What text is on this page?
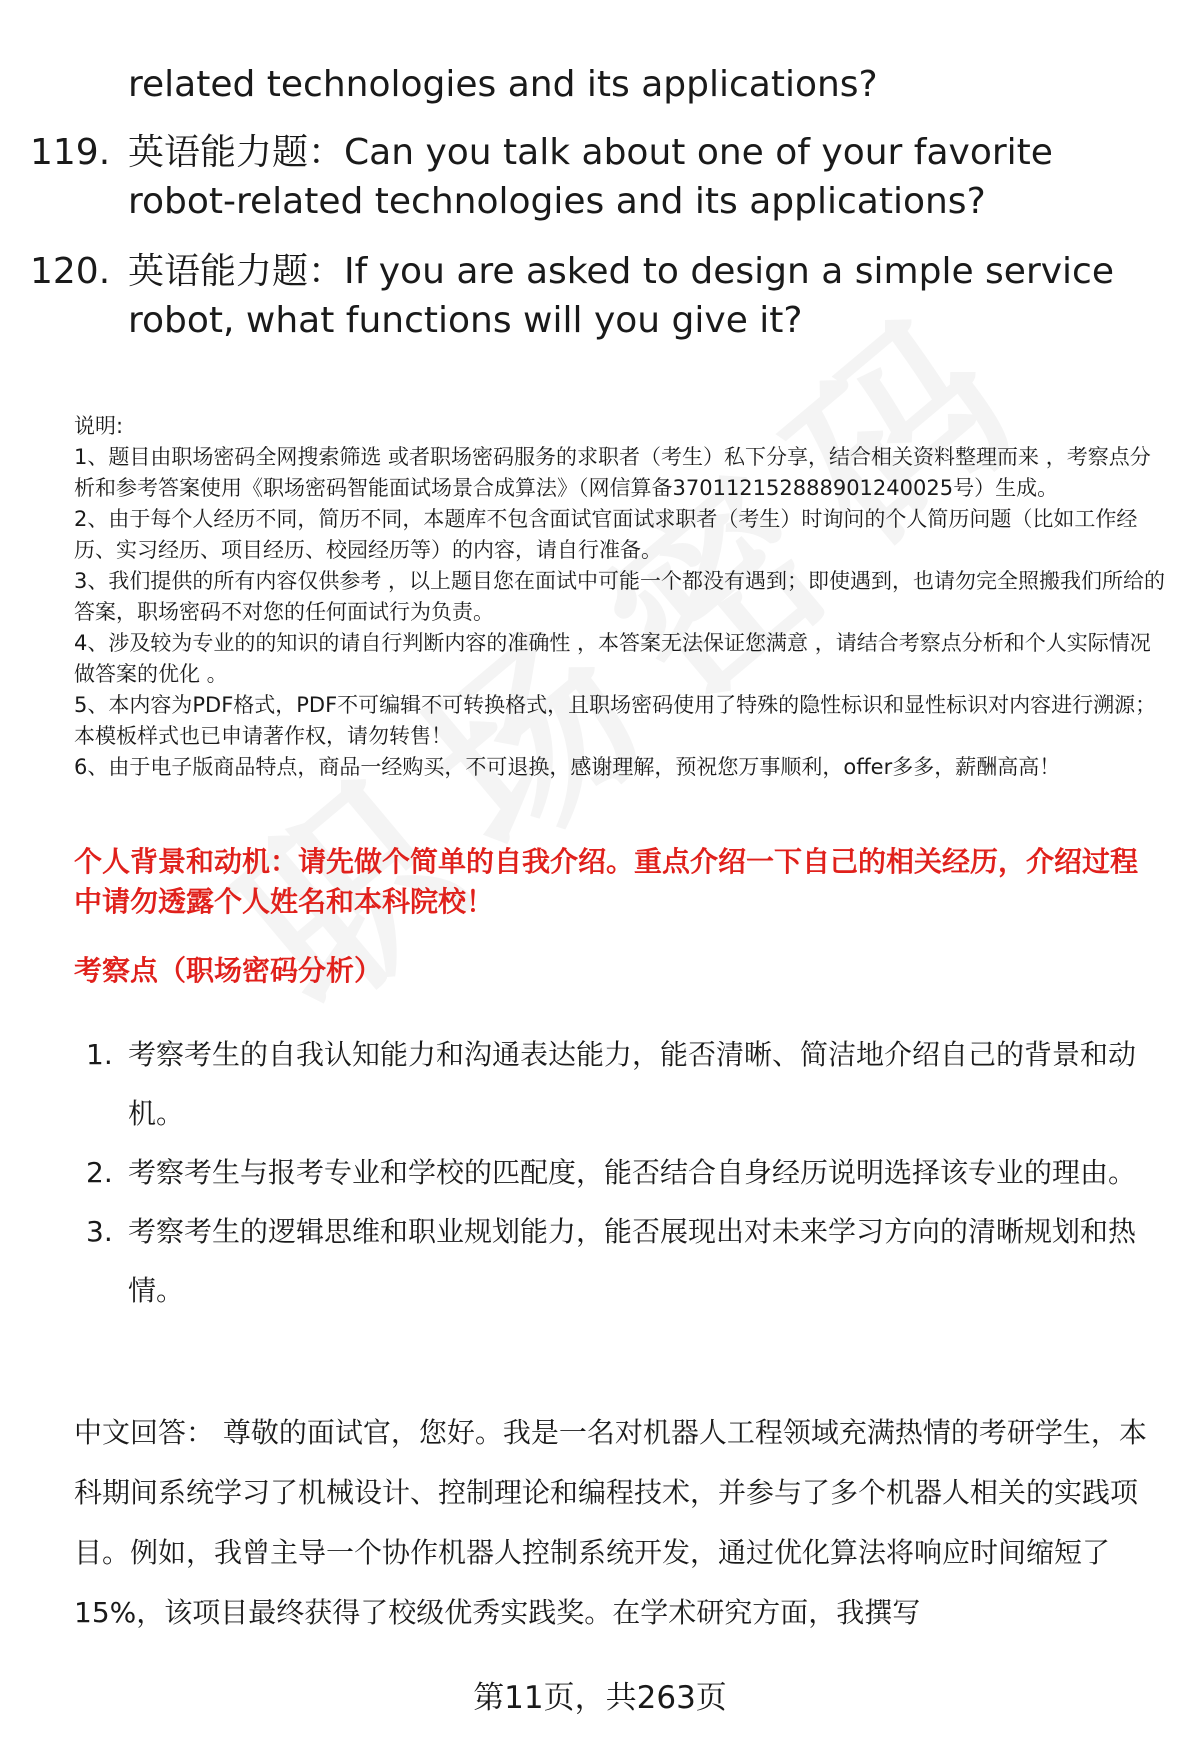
related technologies and its applications?
119. 英语能力题：Can you talk about one of your favorite robot-related technologies and its applications?
120. 英语能力题：If you are asked to design a simple service robot, what functions will you give it?

说明:

1、题目由职场密码全网搜索筛选 或者职场密码服务的求职者（考生）私下分享，结合相关资料整理而来 ，考察点分析和参考答案使用《职场密码智能面试场景合成算法》（网信算备370112152888901240025号）生成。

2、由于每个人经历不同，简历不同，本题库不包含面试官面试求职者（考生）时询问的个人简历问题（比如工作经历、实习经历、项目经历、校园经历等）的内容，请自行准备。

3、我们提供的所有内容仅供参考 ，以上题目您在面试中可能一个都没有遇到；即使遇到，也请勿完全照搬我们所给的答案，职场密码不对您的任何面试行为负责。

4、涉及较为专业的的知识的请自行判断内容的准确性 ，本答案无法保证您满意 ，请结合考察点分析和个人实际情况做答案的优化 。

5、本内容为PDF格式，PDF不可编辑不可转换格式，且职场密码使用了特殊的隐性标识和显性标识对内容进行溯源；本模板样式也已申请著作权，请勿转售！

6、由于电子版商品特点，商品一经购买，不可退换，感谢理解，预祝您万事顺利，offer多多，薪酬高高！

个人背景和动机：请先做个简单的自我介绍。重点介绍一下自己的相关经历，介绍过程中请勿透露个人姓名和本科院校！
考察点（职场密码分析）
1. 考察考生的自我认知能力和沟通表达能力，能否清晰、简洁地介绍自己的背景和动机。
2. 考察考生与报考专业和学校的匹配度，能否结合自身经历说明选择该专业的理由。
3. 考察考生的逻辑思维和职业规划能力，能否展现出对未来学习方向的清晰规划和热情。
中文回答： 尊敬的面试官，您好。我是一名对机器人工程领域充满热情的考研学生，本科期间系统学习了机械设计、控制理论和编程技术，并参与了多个机器人相关的实践项目。例如，我曾主导一个协作机器人控制系统开发，通过优化算法将响应时间缩短了15%，该项目最终获得了校级优秀实践奖。在学术研究方面，我撰写
第11页，共263页
